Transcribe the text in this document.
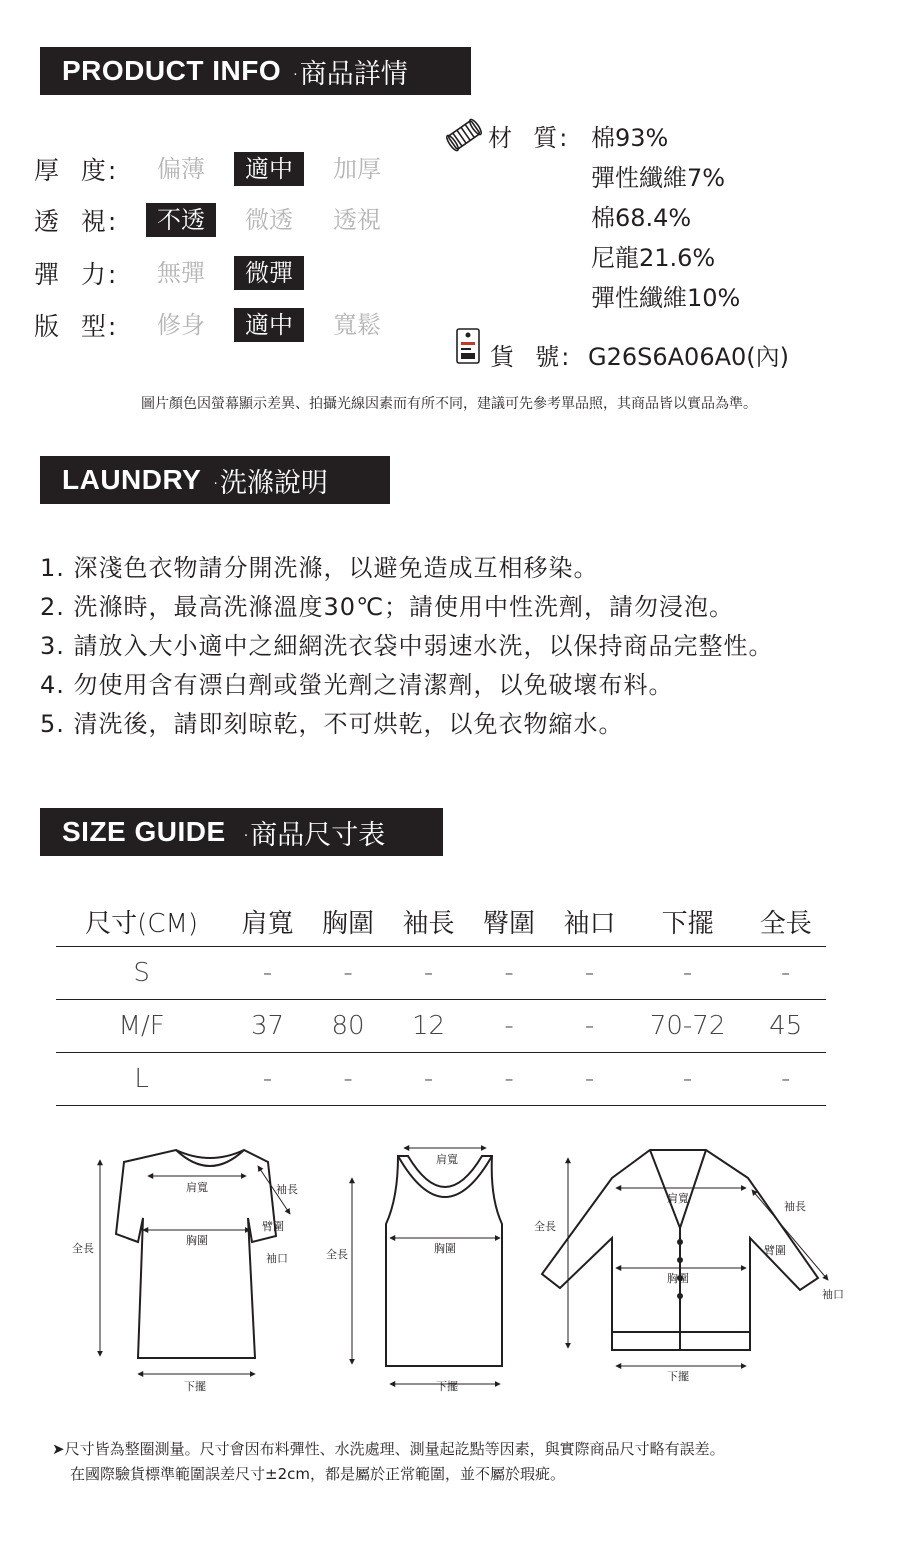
PRODUCT INFO ·商品詳情
厚  度:	偏薄	適中	加厚
透  視:	不透	微透	透視
彈  力:	無彈	微彈
版  型:	修身	適中	寬鬆
材  質: 棉93%
彈性纖維7%
棉68.4%
尼龍21.6%
彈性纖維10%
貨  號: G26S6A06A0(內)
圖片顏色因螢幕顯示差異、拍攝光線因素而有所不同，建議可先參考單品照，其商品皆以實品為準。
LAUNDRY ·洗滌說明
1. 深淺色衣物請分開洗滌，以避免造成互相移染。
2. 洗滌時，最高洗滌溫度30℃；請使用中性洗劑，請勿浸泡。
3. 請放入大小適中之細網洗衣袋中弱速水洗，以保持商品完整性。
4. 勿使用含有漂白劑或螢光劑之清潔劑，以免破壞布料。
5. 清洗後，請即刻晾乾，不可烘乾，以免衣物縮水。
SIZE GUIDE ·商品尺寸表
尺寸(CM)	肩寬	胸圍	袖長	臀圍	袖口	下擺	全長
S	-	-	-	-	-	-	-
M/F	37	80	12	-	-	70-72	45
L	-	-	-	-	-	-	-
全長
肩寬
胸圍
袖長
臂圍
袖口
下擺
全長
肩寬
胸圍
下擺
全長
肩寬
胸圍
袖長
臂圍
袖口
下擺
➤尺寸皆為整圈測量。尺寸會因布料彈性、水洗處理、測量起訖點等因素，與實際商品尺寸略有誤差。
在國際驗貨標準範圍誤差尺寸±2cm，都是屬於正常範圍，並不屬於瑕疵。
